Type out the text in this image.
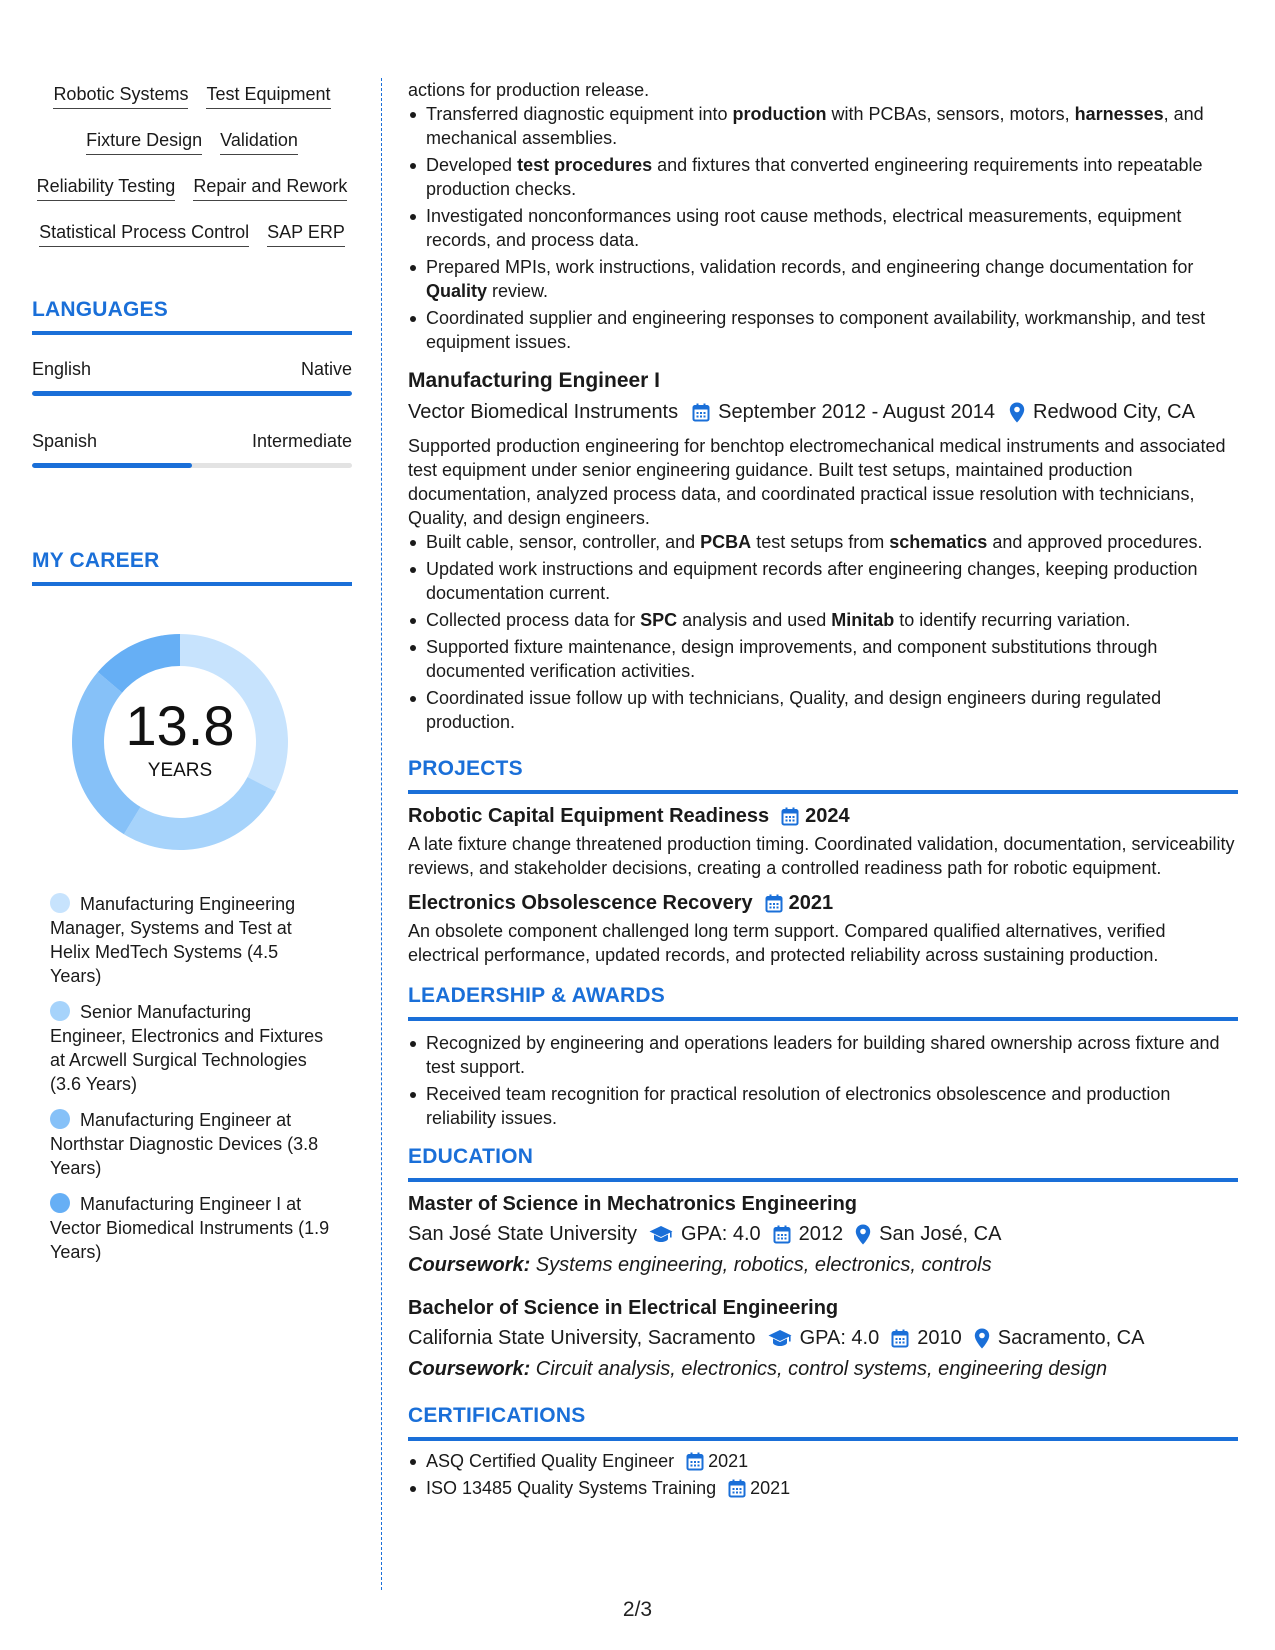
Robotic Systems Test Equipment
Fixture Design Validation
Reliability Testing Repair and Rework
Statistical Process Control SAP ERP
LANGUAGES
English	Native
Spanish	Intermediate
MY CAREER
13.8
YEARS
Manufacturing Engineering Manager, Systems and Test at Helix MedTech Systems (4.5 Years)
Senior Manufacturing Engineer, Electronics and Fixtures at Arcwell Surgical Technologies (3.6 Years)
Manufacturing Engineer at Northstar Diagnostic Devices (3.8 Years)
Manufacturing Engineer I at Vector Biomedical Instruments (1.9 Years)
actions for production release.
Transferred diagnostic equipment into production with PCBAs, sensors, motors, harnesses, and mechanical assemblies.
Developed test procedures and fixtures that converted engineering requirements into repeatable production checks.
Investigated nonconformances using root cause methods, electrical measurements, equipment records, and process data.
Prepared MPIs, work instructions, validation records, and engineering change documentation for Quality review.
Coordinated supplier and engineering responses to component availability, workmanship, and test equipment issues.
Manufacturing Engineer I
Vector Biomedical Instruments September 2012 - August 2014 Redwood City, CA
Supported production engineering for benchtop electromechanical medical instruments and associated test equipment under senior engineering guidance. Built test setups, maintained production documentation, analyzed process data, and coordinated practical issue resolution with technicians, Quality, and design engineers.
Built cable, sensor, controller, and PCBA test setups from schematics and approved procedures.
Updated work instructions and equipment records after engineering changes, keeping production documentation current.
Collected process data for SPC analysis and used Minitab to identify recurring variation.
Supported fixture maintenance, design improvements, and component substitutions through documented verification activities.
Coordinated issue follow up with technicians, Quality, and design engineers during regulated production.
PROJECTS
Robotic Capital Equipment Readiness 2024
A late fixture change threatened production timing. Coordinated validation, documentation, serviceability reviews, and stakeholder decisions, creating a controlled readiness path for robotic equipment.
Electronics Obsolescence Recovery 2021
An obsolete component challenged long term support. Compared qualified alternatives, verified electrical performance, updated records, and protected reliability across sustaining production.
LEADERSHIP & AWARDS
Recognized by engineering and operations leaders for building shared ownership across fixture and test support.
Received team recognition for practical resolution of electronics obsolescence and production reliability issues.
EDUCATION
Master of Science in Mechatronics Engineering
San José State University GPA: 4.0 2012 San José, CA
Coursework: Systems engineering, robotics, electronics, controls
Bachelor of Science in Electrical Engineering
California State University, Sacramento GPA: 4.0 2010 Sacramento, CA
Coursework: Circuit analysis, electronics, control systems, engineering design
CERTIFICATIONS
ASQ Certified Quality Engineer 2021
ISO 13485 Quality Systems Training 2021
2/3
